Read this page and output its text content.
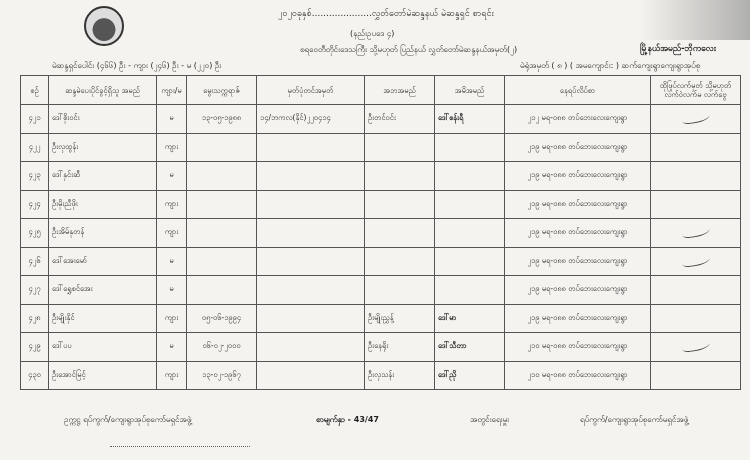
၂၀၂၀ခုနှစ်.....................လွှတ်တော်မဲဆန္ဒနယ် မဲဆန္ဒရှင် စာရင်း
(နည်းဥပဒေ ၄)
စရဝေတီတိုင်းဒေသကြီး သို့မဟုတ် ပြည်နယ် လွှတ်တော်မဲဆန္ဒနယ်အမှတ်(၂)	မြို့နယ်အမည်-ဘိုကလေး
မဲဆန္ဒရှင်ပေါင်း (၄၆၆) ဦး - ကျား (၂၄၆) ဦး - မ (၂၂၀) ဦး	မဲရုံအမှတ် ( ၈ ) ( အမကျောင်း: ) ဆက်ကျေးရွာကျေးရွာအုပ်စု
စဉ်	ဆန္ဒမဲပေးပိုင်ခွင့်ရှိသူ အမည်	ကျား/မ	မွေးသက္ကရာဇ်	မှတ်ပုံတင်အမှတ်	အဘအမည်	အမိအမည်	နေရပ်လိပ်စာ	ထိုဖြုပ်လက်မှတ် သို့မဟုတ် လက်ဝဲလက်မ လက်ဗွေ
၄၂၁	ဒေါ်စိုးဝင်း	မ	၁၃-၀၅-၁၉၈၈	၁၄/ဘကလ(နိုင်)၂၂၀၄၁၄	ဦးတင်ဝင်း	ဒေါ်စန်းရီ	၂၁၂ မရ-၀၈၈ တပ်ဘေးလေးကျေးရွာ	
၄၂၂	ဦးလှထွန်း	ကျား					၂၁၉ မရ-၀၈၈ တပ်ဘေးလေးကျေးရွာ	
၄၂၃	ဒေါ်နှင်းဆီ	မ					၂၁၉ မရ-၀၈၈ တပ်ဘေးလေးကျေးရွာ	
၄၂၄	ဦးမိုးညီဖိုး	ကျား					၂၁၉ မရ-၀၈၈ တပ်ဘေးလေးကျေးရွာ	
၄၂၅	ဦးအိမ်နုတန်	ကျား					၂၁၉ မရ-၀၈၈ တပ်ဘေးလေးကျေးရွာ	
၄၂၆	ဒေါ်အေးမော်	မ					၂၁၉ မရ-၀၈၈ တပ်ဘေးလေးကျေးရွာ	
၄၂၇	ဒေါ်ရွှေစင်အေး	မ					၂၁၉ မရ-၀၈၈ တပ်ဘေးလေးကျေးရွာ	
၄၂၈	ဦးမျိုးနိုင်	ကျား	၀၅-၀၆-၁၉၉၄		ဦးမျိုးညွှန့်	ဒေါ်မာ	၂၁၉ မရ-၀၈၈ တပ်ဘေးလေးကျေးရွာ	
၄၂၉	ဒေါ်ပပ	မ	၀၆-၀၂-၂၀၀၀		ဦးနေရိုး	ဒေါ်သီတာ	၂၁၀ မရ-၀၈၈ တပ်ဘေးလေးကျေးရွာ	
၄၃၀	ဦးအောင်မြင့်	ကျား	၁၃-၀၂-၁၉၆၇		ဦးလှသန်း	ဒေါ်ညို	၂၁၀ မရ-၀၈၈ တပ်ဘေးလေးကျေးရွာ	
ဥက္ကဋ္ဌ ရပ်ကွက်/ကျေးရွာအုပ်စုကော်မရှင်အဖွဲ့	စာမျက်နှာ - 43/47	အတွင်းရေးမှူး	ရပ်ကွက်/ကျေးရွာအုပ်စုကော်မရှင်အဖွဲ့
